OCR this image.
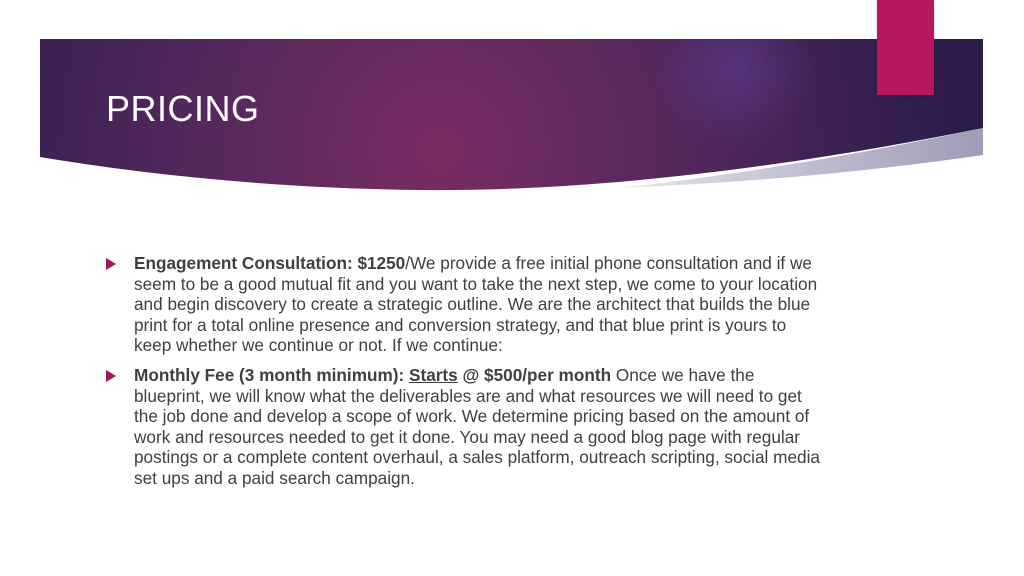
PRICING

Engagement Consultation: $1250/We provide a free initial phone consultation and if we seem to be a good mutual fit and you want to take the next step, we come to your location and begin discovery to create a strategic outline. We are the architect that builds the blue print for a total online presence and conversion strategy, and that blue print is yours to keep whether we continue or not. If we continue:

Monthly Fee (3 month minimum): Starts @ $500/per month Once we have the blueprint, we will know what the deliverables are and what resources we will need to get the job done and develop a scope of work. We determine pricing based on the amount of work and resources needed to get it done. You may need a good blog page with regular postings or a complete content overhaul, a sales platform, outreach scripting, social media set ups and a paid search campaign.
